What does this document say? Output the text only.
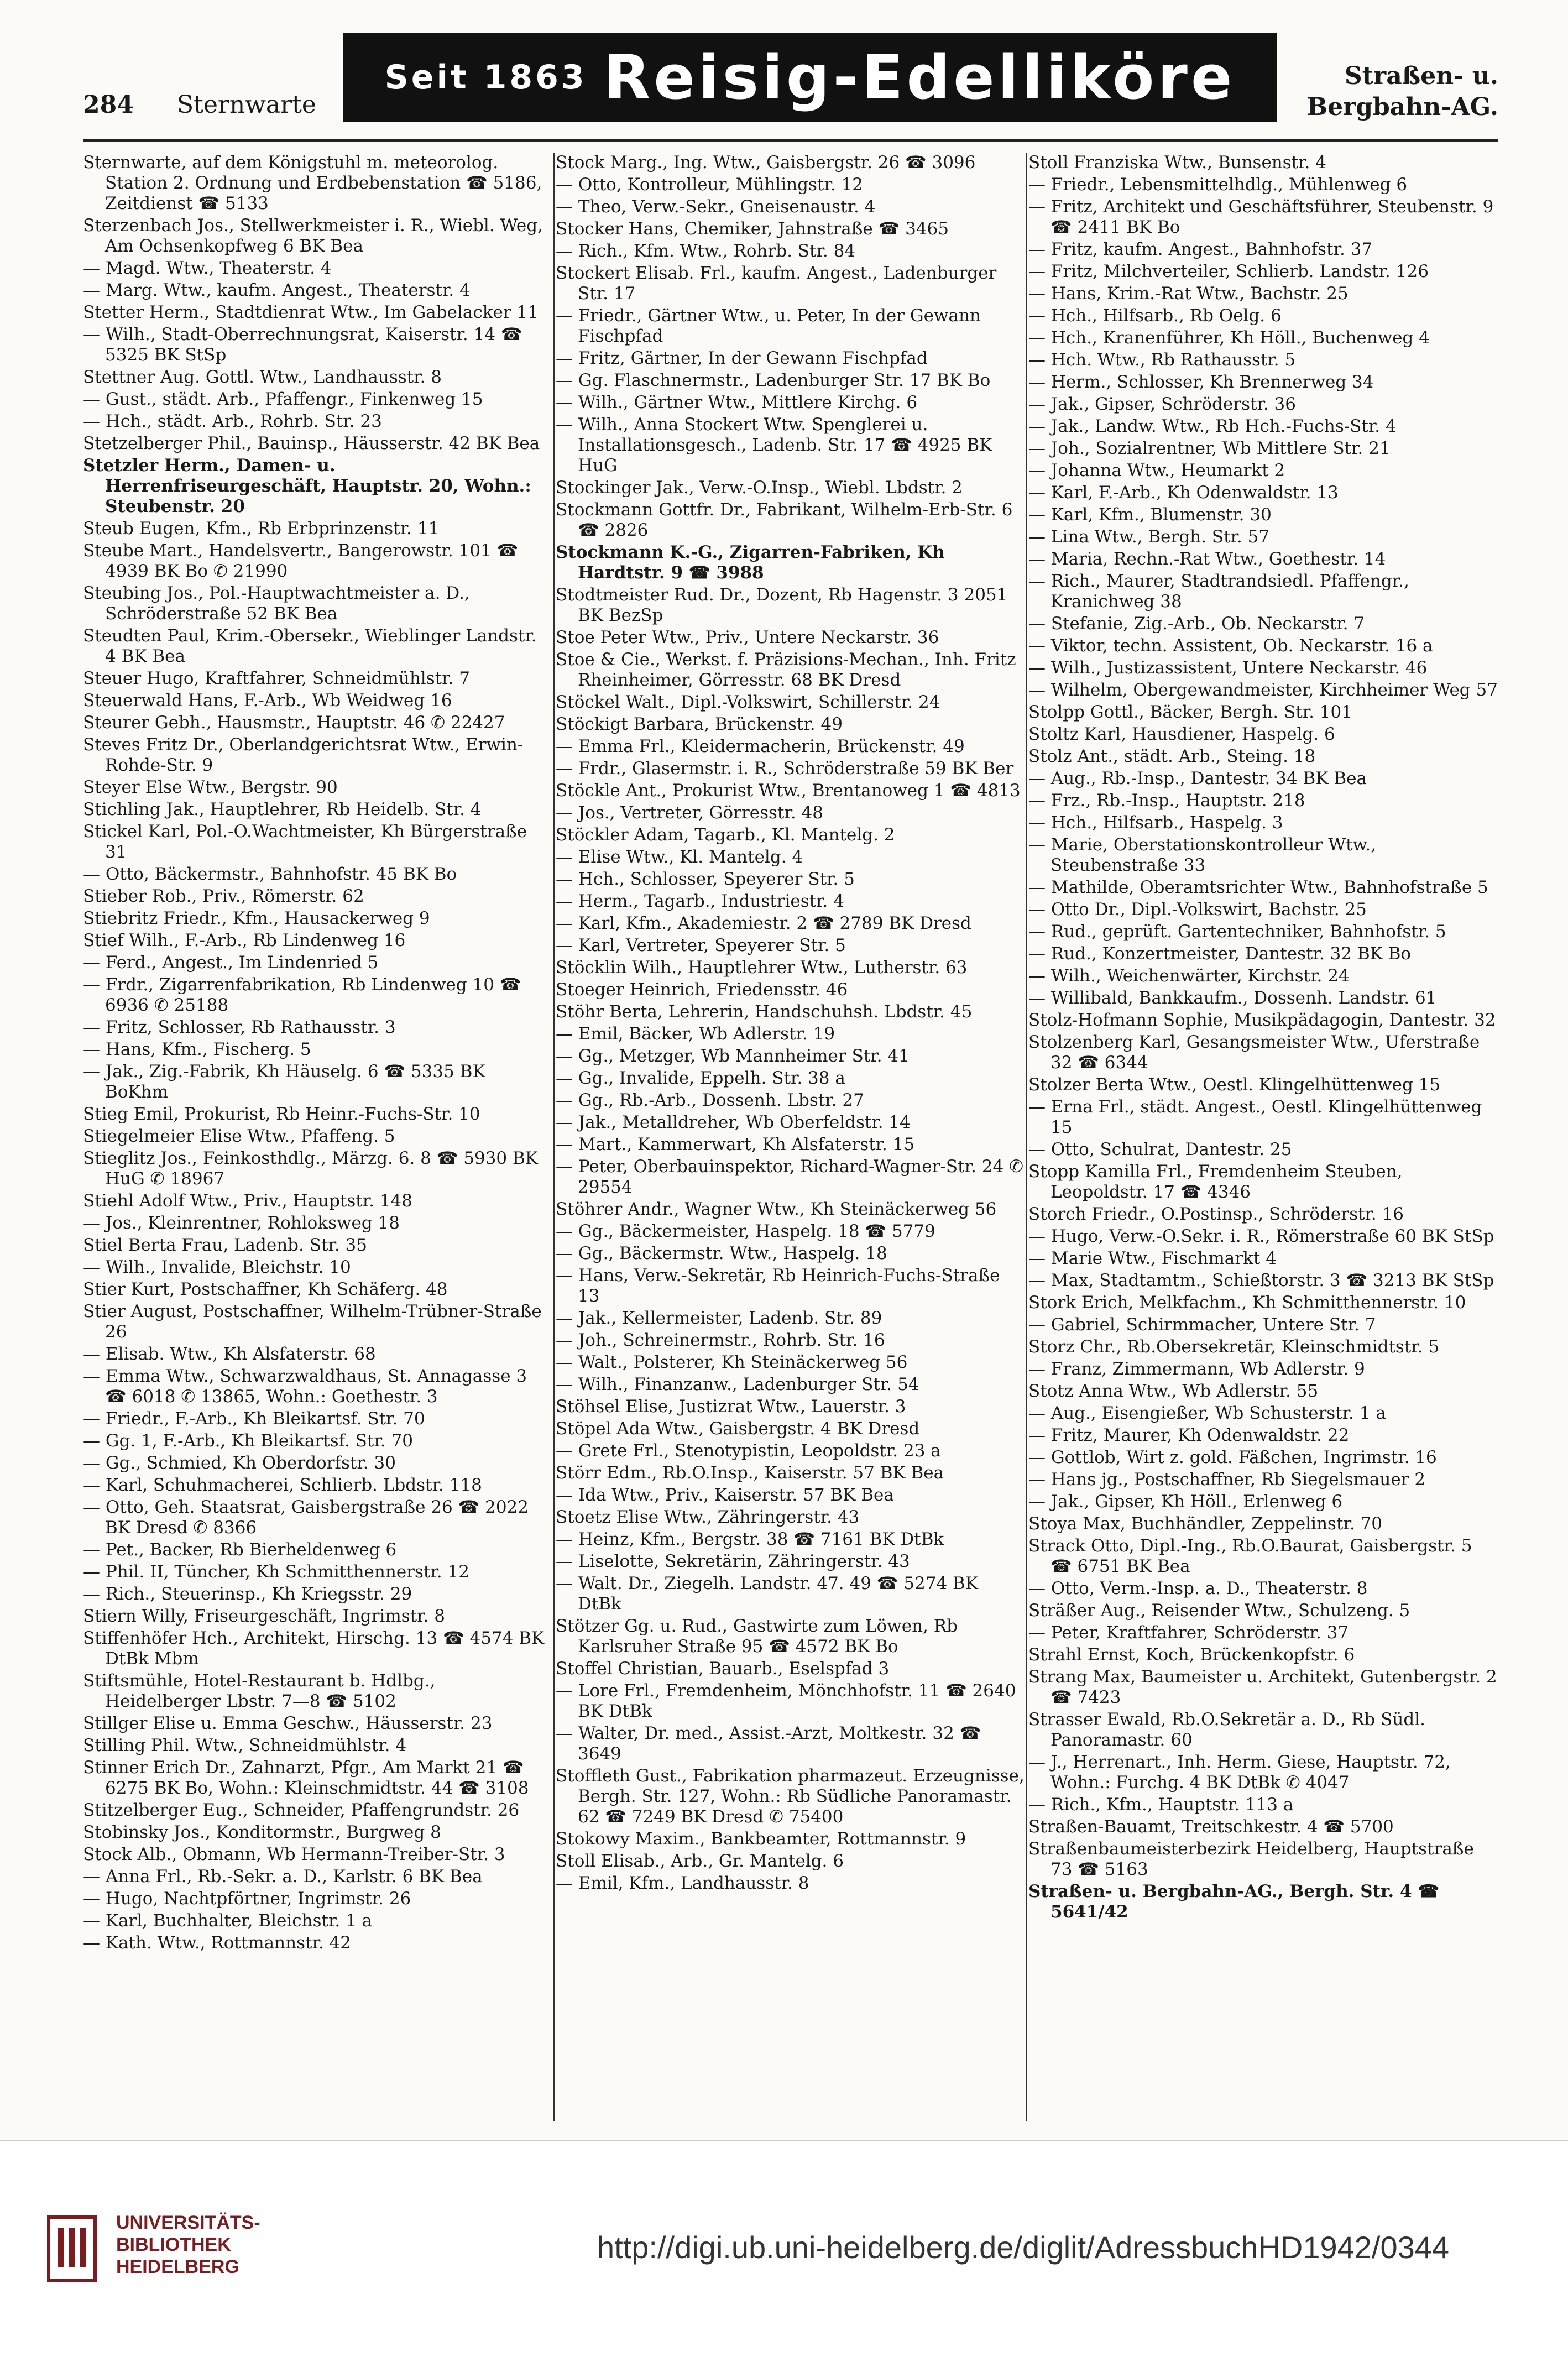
284 Sternwarte
Seit 1863 Reisig-Edelliköre	Straßen- u.
Bergbahn-AG.

Sternwarte, auf dem Königstuhl m. meteorolog. Station 2. Ordnung und Erdbebenstation ☎ 5186, Zeitdienst ☎ 5133

Sterzenbach Jos., Stellwerkmeister i. R., Wiebl. Weg, Am Ochsenkopfweg 6 BK Bea

— Magd. Wtw., Theaterstr. 4

— Marg. Wtw., kaufm. Angest., Theaterstr. 4

Stetter Herm., Stadtdienrat Wtw., Im Gabelacker 11

— Wilh., Stadt-Oberrechnungsrat, Kaiserstr. 14 ☎ 5325 BK StSp

Stettner Aug. Gottl. Wtw., Landhausstr. 8

— Gust., städt. Arb., Pfaffengr., Finkenweg 15

— Hch., städt. Arb., Rohrb. Str. 23

Stetzelberger Phil., Bauinsp., Häusserstr. 42 BK Bea

Stetzler Herm., Damen- u. Herrenfriseurgeschäft, Hauptstr. 20, Wohn.: Steubenstr. 20

Steub Eugen, Kfm., Rb Erbprinzenstr. 11

Steube Mart., Handelsvertr., Bangerowstr. 101 ☎ 4939 BK Bo ✆ 21990

Steubing Jos., Pol.-Hauptwachtmeister a. D., Schröderstraße 52 BK Bea

Steudten Paul, Krim.-Obersekr., Wieblinger Landstr. 4 BK Bea

Steuer Hugo, Kraftfahrer, Schneidmühlstr. 7

Steuerwald Hans, F.-Arb., Wb Weidweg 16

Steurer Gebh., Hausmstr., Hauptstr. 46 ✆ 22427

Steves Fritz Dr., Oberlandgerichtsrat Wtw., Erwin-Rohde-Str. 9

Steyer Else Wtw., Bergstr. 90

Stichling Jak., Hauptlehrer, Rb Heidelb. Str. 4

Stickel Karl, Pol.-O.Wachtmeister, Kh Bürgerstraße 31

— Otto, Bäckermstr., Bahnhofstr. 45 BK Bo

Stieber Rob., Priv., Römerstr. 62

Stiebritz Friedr., Kfm., Hausackerweg 9

Stief Wilh., F.-Arb., Rb Lindenweg 16

— Ferd., Angest., Im Lindenried 5

— Frdr., Zigarrenfabrikation, Rb Lindenweg 10 ☎ 6936 ✆ 25188

— Fritz, Schlosser, Rb Rathausstr. 3

— Hans, Kfm., Fischerg. 5

— Jak., Zig.-Fabrik, Kh Häuselg. 6 ☎ 5335 BK BoKhm

Stieg Emil, Prokurist, Rb Heinr.-Fuchs-Str. 10

Stiegelmeier Elise Wtw., Pfaffeng. 5

Stieglitz Jos., Feinkosthdlg., Märzg. 6. 8 ☎ 5930 BK HuG ✆ 18967

Stiehl Adolf Wtw., Priv., Hauptstr. 148

— Jos., Kleinrentner, Rohloksweg 18

Stiel Berta Frau, Ladenb. Str. 35

— Wilh., Invalide, Bleichstr. 10

Stier Kurt, Postschaffner, Kh Schäferg. 48

Stier August, Postschaffner, Wilhelm-Trübner-Straße 26

— Elisab. Wtw., Kh Alsfaterstr. 68

— Emma Wtw., Schwarzwaldhaus, St. Annagasse 3 ☎ 6018 ✆ 13865, Wohn.: Goethestr. 3

— Friedr., F.-Arb., Kh Bleikartsf. Str. 70

— Gg. 1, F.-Arb., Kh Bleikartsf. Str. 70

— Gg., Schmied, Kh Oberdorfstr. 30

— Karl, Schuhmacherei, Schlierb. Lbdstr. 118

— Otto, Geh. Staatsrat, Gaisbergstraße 26 ☎ 2022 BK Dresd ✆ 8366

— Pet., Backer, Rb Bierheldenweg 6

— Phil. II, Tüncher, Kh Schmitthennerstr. 12

— Rich., Steuerinsp., Kh Kriegsstr. 29

Stiern Willy, Friseurgeschäft, Ingrimstr. 8

Stiffenhöfer Hch., Architekt, Hirschg. 13 ☎ 4574 BK DtBk Mbm

Stiftsmühle, Hotel-Restaurant b. Hdlbg., Heidelberger Lbstr. 7—8 ☎ 5102

Stillger Elise u. Emma Geschw., Häusserstr. 23

Stilling Phil. Wtw., Schneidmühlstr. 4

Stinner Erich Dr., Zahnarzt, Pfgr., Am Markt 21 ☎ 6275 BK Bo, Wohn.: Kleinschmidtstr. 44 ☎ 3108

Stitzelberger Eug., Schneider, Pfaffengrundstr. 26

Stobinsky Jos., Konditormstr., Burgweg 8

Stock Alb., Obmann, Wb Hermann-Treiber-Str. 3

— Anna Frl., Rb.-Sekr. a. D., Karlstr. 6 BK Bea

— Hugo, Nachtpförtner, Ingrimstr. 26

— Karl, Buchhalter, Bleichstr. 1 a

— Kath. Wtw., Rottmannstr. 42

Stock Marg., Ing. Wtw., Gaisbergstr. 26 ☎ 3096

— Otto, Kontrolleur, Mühlingstr. 12

— Theo, Verw.-Sekr., Gneisenaustr. 4

Stocker Hans, Chemiker, Jahnstraße ☎ 3465

— Rich., Kfm. Wtw., Rohrb. Str. 84

Stockert Elisab. Frl., kaufm. Angest., Ladenburger Str. 17

— Friedr., Gärtner Wtw., u. Peter, In der Gewann Fischpfad

— Fritz, Gärtner, In der Gewann Fischpfad

— Gg. Flaschnermstr., Ladenburger Str. 17 BK Bo

— Wilh., Gärtner Wtw., Mittlere Kirchg. 6

— Wilh., Anna Stockert Wtw. Spenglerei u. Installationsgesch., Ladenb. Str. 17 ☎ 4925 BK HuG

Stockinger Jak., Verw.-O.Insp., Wiebl. Lbdstr. 2

Stockmann Gottfr. Dr., Fabrikant, Wilhelm-Erb-Str. 6 ☎ 2826

Stockmann K.-G., Zigarren-Fabriken, Kh Hardtstr. 9 ☎ 3988

Stodtmeister Rud. Dr., Dozent, Rb Hagenstr. 3 2051 BK BezSp

Stoe Peter Wtw., Priv., Untere Neckarstr. 36

Stoe & Cie., Werkst. f. Präzisions-Mechan., Inh. Fritz Rheinheimer, Görresstr. 68 BK Dresd

Stöckel Walt., Dipl.-Volkswirt, Schillerstr. 24

Stöckigt Barbara, Brückenstr. 49

— Emma Frl., Kleidermacherin, Brückenstr. 49

— Frdr., Glasermstr. i. R., Schröderstraße 59 BK Ber

Stöckle Ant., Prokurist Wtw., Brentanoweg 1 ☎ 4813

— Jos., Vertreter, Görresstr. 48

Stöckler Adam, Tagarb., Kl. Mantelg. 2

— Elise Wtw., Kl. Mantelg. 4

— Hch., Schlosser, Speyerer Str. 5

— Herm., Tagarb., Industriestr. 4

— Karl, Kfm., Akademiestr. 2 ☎ 2789 BK Dresd

— Karl, Vertreter, Speyerer Str. 5

Stöcklin Wilh., Hauptlehrer Wtw., Lutherstr. 63

Stoeger Heinrich, Friedensstr. 46

Stöhr Berta, Lehrerin, Handschuhsh. Lbdstr. 45

— Emil, Bäcker, Wb Adlerstr. 19

— Gg., Metzger, Wb Mannheimer Str. 41

— Gg., Invalide, Eppelh. Str. 38 a

— Gg., Rb.-Arb., Dossenh. Lbstr. 27

— Jak., Metalldreher, Wb Oberfeldstr. 14

— Mart., Kammerwart, Kh Alsfaterstr. 15

— Peter, Oberbauinspektor, Richard-Wagner-Str. 24 ✆ 29554

Stöhrer Andr., Wagner Wtw., Kh Steinäckerweg 56

— Gg., Bäckermeister, Haspelg. 18 ☎ 5779

— Gg., Bäckermstr. Wtw., Haspelg. 18

— Hans, Verw.-Sekretär, Rb Heinrich-Fuchs-Straße 13

— Jak., Kellermeister, Ladenb. Str. 89

— Joh., Schreinermstr., Rohrb. Str. 16

— Walt., Polsterer, Kh Steinäckerweg 56

— Wilh., Finanzanw., Ladenburger Str. 54

Stöhsel Elise, Justizrat Wtw., Lauerstr. 3

Stöpel Ada Wtw., Gaisbergstr. 4 BK Dresd

— Grete Frl., Stenotypistin, Leopoldstr. 23 a

Störr Edm., Rb.O.Insp., Kaiserstr. 57 BK Bea

— Ida Wtw., Priv., Kaiserstr. 57 BK Bea

Stoetz Elise Wtw., Zähringerstr. 43

— Heinz, Kfm., Bergstr. 38 ☎ 7161 BK DtBk

— Liselotte, Sekretärin, Zähringerstr. 43

— Walt. Dr., Ziegelh. Landstr. 47. 49 ☎ 5274 BK DtBk

Stötzer Gg. u. Rud., Gastwirte zum Löwen, Rb Karlsruher Straße 95 ☎ 4572 BK Bo

Stoffel Christian, Bauarb., Eselspfad 3

— Lore Frl., Fremdenheim, Mönchhofstr. 11 ☎ 2640 BK DtBk

— Walter, Dr. med., Assist.-Arzt, Moltkestr. 32 ☎ 3649

Stoffleth Gust., Fabrikation pharmazeut. Erzeugnisse, Bergh. Str. 127, Wohn.: Rb Südliche Panoramastr. 62 ☎ 7249 BK Dresd ✆ 75400

Stokowy Maxim., Bankbeamter, Rottmannstr. 9

Stoll Elisab., Arb., Gr. Mantelg. 6

— Emil, Kfm., Landhausstr. 8

Stoll Franziska Wtw., Bunsenstr. 4

— Friedr., Lebensmittelhdlg., Mühlenweg 6

— Fritz, Architekt und Geschäftsführer, Steubenstr. 9 ☎ 2411 BK Bo

— Fritz, kaufm. Angest., Bahnhofstr. 37

— Fritz, Milchverteiler, Schlierb. Landstr. 126

— Hans, Krim.-Rat Wtw., Bachstr. 25

— Hch., Hilfsarb., Rb Oelg. 6

— Hch., Kranenführer, Kh Höll., Buchenweg 4

— Hch. Wtw., Rb Rathausstr. 5

— Herm., Schlosser, Kh Brennerweg 34

— Jak., Gipser, Schröderstr. 36

— Jak., Landw. Wtw., Rb Hch.-Fuchs-Str. 4

— Joh., Sozialrentner, Wb Mittlere Str. 21

— Johanna Wtw., Heumarkt 2

— Karl, F.-Arb., Kh Odenwaldstr. 13

— Karl, Kfm., Blumenstr. 30

— Lina Wtw., Bergh. Str. 57

— Maria, Rechn.-Rat Wtw., Goethestr. 14

— Rich., Maurer, Stadtrandsiedl. Pfaffengr., Kranichweg 38

— Stefanie, Zig.-Arb., Ob. Neckarstr. 7

— Viktor, techn. Assistent, Ob. Neckarstr. 16 a

— Wilh., Justizassistent, Untere Neckarstr. 46

— Wilhelm, Obergewandmeister, Kirchheimer Weg 57

Stolpp Gottl., Bäcker, Bergh. Str. 101

Stoltz Karl, Hausdiener, Haspelg. 6

Stolz Ant., städt. Arb., Steing. 18

— Aug., Rb.-Insp., Dantestr. 34 BK Bea

— Frz., Rb.-Insp., Hauptstr. 218

— Hch., Hilfsarb., Haspelg. 3

— Marie, Oberstationskontrolleur Wtw., Steubenstraße 33

— Mathilde, Oberamtsrichter Wtw., Bahnhofstraße 5

— Otto Dr., Dipl.-Volkswirt, Bachstr. 25

— Rud., geprüft. Gartentechniker, Bahnhofstr. 5

— Rud., Konzertmeister, Dantestr. 32 BK Bo

— Wilh., Weichenwärter, Kirchstr. 24

— Willibald, Bankkaufm., Dossenh. Landstr. 61

Stolz-Hofmann Sophie, Musikpädagogin, Dantestr. 32

Stolzenberg Karl, Gesangsmeister Wtw., Uferstraße 32 ☎ 6344

Stolzer Berta Wtw., Oestl. Klingelhüttenweg 15

— Erna Frl., städt. Angest., Oestl. Klingelhüttenweg 15

— Otto, Schulrat, Dantestr. 25

Stopp Kamilla Frl., Fremdenheim Steuben, Leopoldstr. 17 ☎ 4346

Storch Friedr., O.Postinsp., Schröderstr. 16

— Hugo, Verw.-O.Sekr. i. R., Römerstraße 60 BK StSp

— Marie Wtw., Fischmarkt 4

— Max, Stadtamtm., Schießtorstr. 3 ☎ 3213 BK StSp

Stork Erich, Melkfachm., Kh Schmitthennerstr. 10

— Gabriel, Schirmmacher, Untere Str. 7

Storz Chr., Rb.Obersekretär, Kleinschmidtstr. 5

— Franz, Zimmermann, Wb Adlerstr. 9

Stotz Anna Wtw., Wb Adlerstr. 55

— Aug., Eisengießer, Wb Schusterstr. 1 a

— Fritz, Maurer, Kh Odenwaldstr. 22

— Gottlob, Wirt z. gold. Fäßchen, Ingrimstr. 16

— Hans jg., Postschaffner, Rb Siegelsmauer 2

— Jak., Gipser, Kh Höll., Erlenweg 6

Stoya Max, Buchhändler, Zeppelinstr. 70

Strack Otto, Dipl.-Ing., Rb.O.Baurat, Gaisbergstr. 5 ☎ 6751 BK Bea

— Otto, Verm.-Insp. a. D., Theaterstr. 8

Sträßer Aug., Reisender Wtw., Schulzeng. 5

— Peter, Kraftfahrer, Schröderstr. 37

Strahl Ernst, Koch, Brückenkopfstr. 6

Strang Max, Baumeister u. Architekt, Gutenbergstr. 2 ☎ 7423

Strasser Ewald, Rb.O.Sekretär a. D., Rb Südl. Panoramastr. 60

— J., Herrenart., Inh. Herm. Giese, Hauptstr. 72, Wohn.: Furchg. 4 BK DtBk ✆ 4047

— Rich., Kfm., Hauptstr. 113 a

Straßen-Bauamt, Treitschkestr. 4 ☎ 5700

Straßenbaumeisterbezirk Heidelberg, Hauptstraße 73 ☎ 5163

Straßen- u. Bergbahn-AG., Bergh. Str. 4 ☎ 5641/42

UNIVERSITÄTS-
BIBLIOTHEK
HEIDELBERG
http://digi.ub.uni-heidelberg.de/diglit/AdressbuchHD1942/0344
